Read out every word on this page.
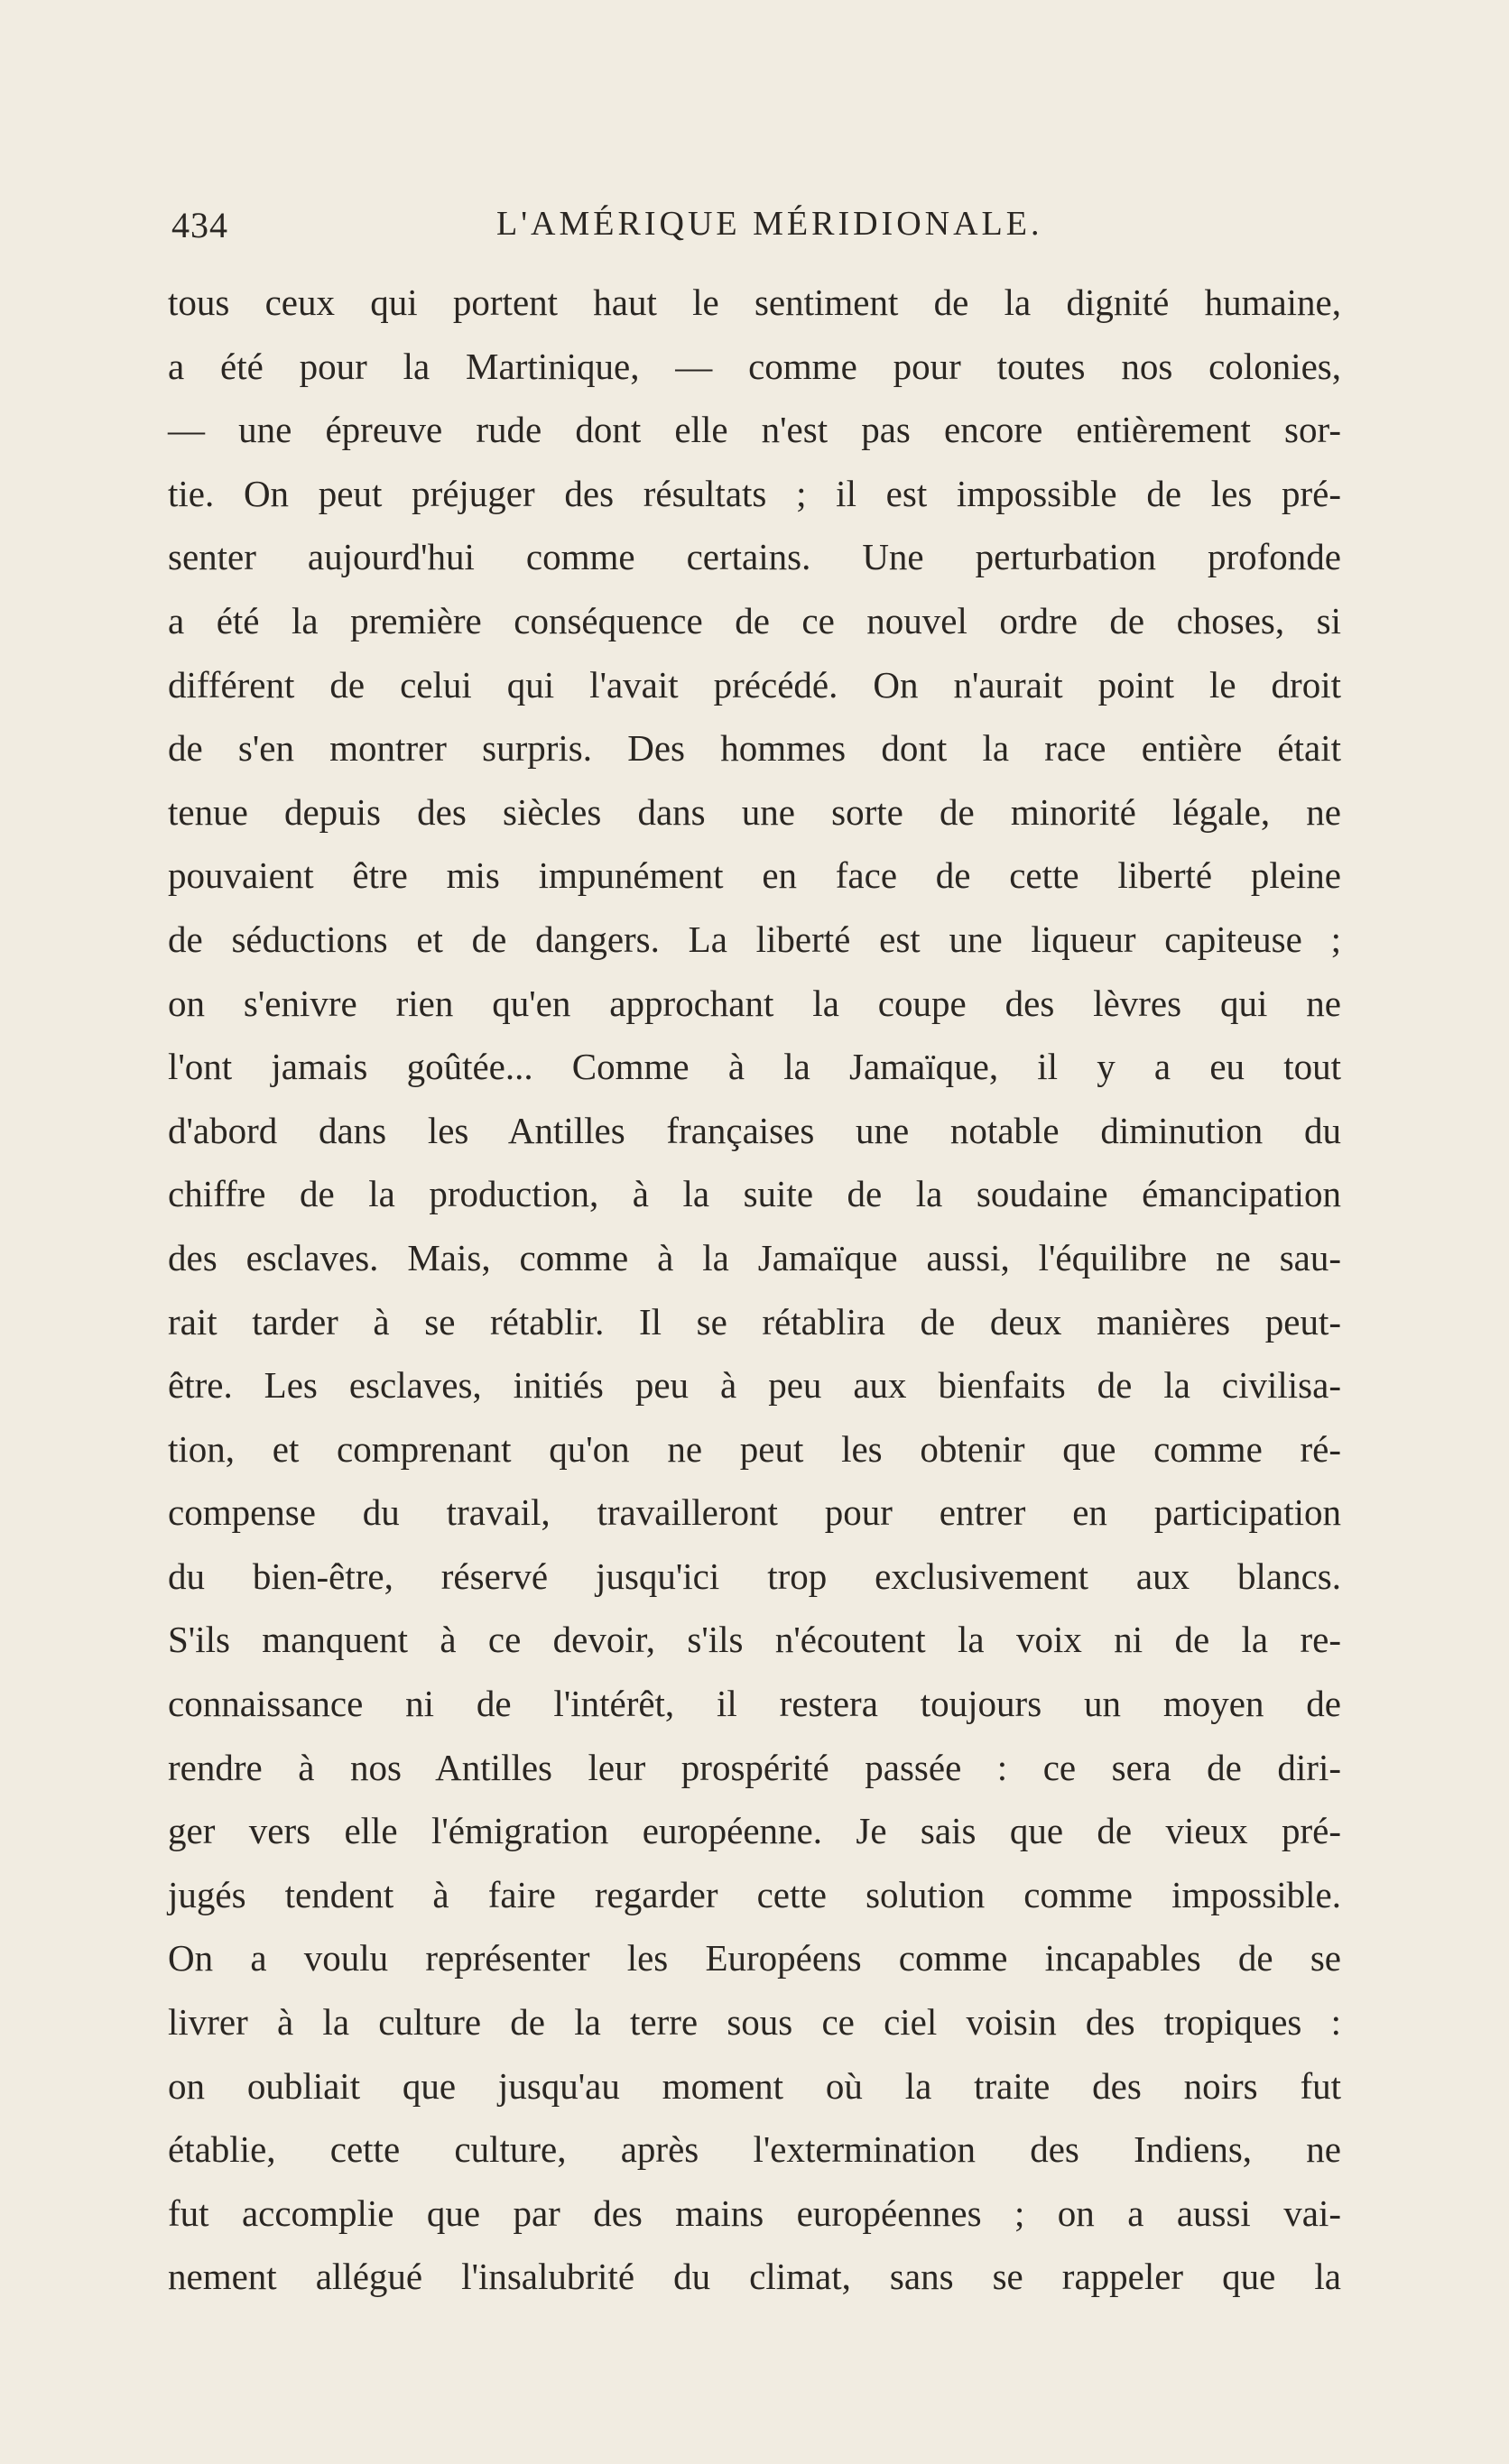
434	L'AMÉRIQUE MÉRIDIONALE.
tous ceux qui portent haut le sentiment de la dignité humaine,
a été pour la Martinique, — comme pour toutes nos colonies,
— une épreuve rude dont elle n'est pas encore entièrement sor-
tie. On peut préjuger des résultats ; il est impossible de les pré-
senter aujourd'hui comme certains. Une perturbation profonde
a été la première conséquence de ce nouvel ordre de choses, si
différent de celui qui l'avait précédé. On n'aurait point le droit
de s'en montrer surpris. Des hommes dont la race entière était
tenue depuis des siècles dans une sorte de minorité légale, ne
pouvaient être mis impunément en face de cette liberté pleine
de séductions et de dangers. La liberté est une liqueur capiteuse ;
on s'enivre rien qu'en approchant la coupe des lèvres qui ne
l'ont jamais goûtée... Comme à la Jamaïque, il y a eu tout
d'abord dans les Antilles françaises une notable diminution du
chiffre de la production, à la suite de la soudaine émancipation
des esclaves. Mais, comme à la Jamaïque aussi, l'équilibre ne sau-
rait tarder à se rétablir. Il se rétablira de deux manières peut-
être. Les esclaves, initiés peu à peu aux bienfaits de la civilisa-
tion, et comprenant qu'on ne peut les obtenir que comme ré-
compense du travail, travailleront pour entrer en participation
du bien-être, réservé jusqu'ici trop exclusivement aux blancs.
S'ils manquent à ce devoir, s'ils n'écoutent la voix ni de la re-
connaissance ni de l'intérêt, il restera toujours un moyen de
rendre à nos Antilles leur prospérité passée : ce sera de diri-
ger vers elle l'émigration européenne. Je sais que de vieux pré-
jugés tendent à faire regarder cette solution comme impossible.
On a voulu représenter les Européens comme incapables de se
livrer à la culture de la terre sous ce ciel voisin des tropiques :
on oubliait que jusqu'au moment où la traite des noirs fut
établie, cette culture, après l'extermination des Indiens, ne
fut accomplie que par des mains européennes ; on a aussi vai-
nement allégué l'insalubrité du climat, sans se rappeler que la
